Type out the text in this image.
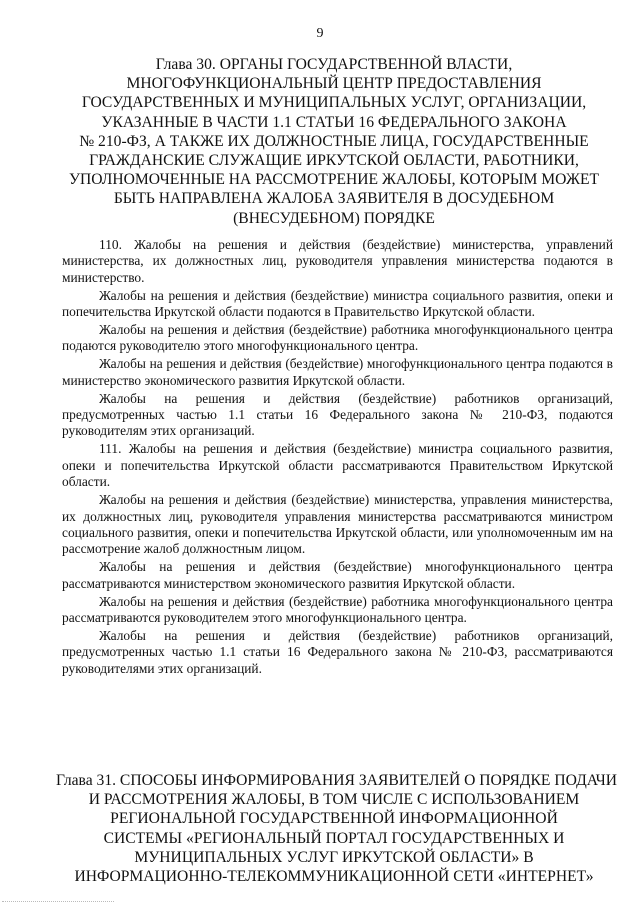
9
Глава 30. ОРГАНЫ ГОСУДАРСТВЕННОЙ ВЛАСТИ,
МНОГОФУНКЦИОНАЛЬНЫЙ ЦЕНТР ПРЕДОСТАВЛЕНИЯ
ГОСУДАРСТВЕННЫХ И МУНИЦИПАЛЬНЫХ УСЛУГ, ОРГАНИЗАЦИИ,
УКАЗАННЫЕ В ЧАСТИ 1.1 СТАТЬИ 16 ФЕДЕРАЛЬНОГО ЗАКОНА
№ 210-ФЗ, А ТАКЖЕ ИХ ДОЛЖНОСТНЫЕ ЛИЦА, ГОСУДАРСТВЕННЫЕ
ГРАЖДАНСКИЕ СЛУЖАЩИЕ ИРКУТСКОЙ ОБЛАСТИ, РАБОТНИКИ,
УПОЛНОМОЧЕННЫЕ НА РАССМОТРЕНИЕ ЖАЛОБЫ, КОТОРЫМ МОЖЕТ
БЫТЬ НАПРАВЛЕНА ЖАЛОБА ЗАЯВИТЕЛЯ В ДОСУДЕБНОМ
(ВНЕСУДЕБНОМ) ПОРЯДКЕ

110. Жалобы на решения и действия (бездействие) министерства, управлений министерства, их должностных лиц, руководителя управления министерства подаются в министерство.

Жалобы на решения и действия (бездействие) министра социального развития, опеки и попечительства Иркутской области подаются в Правительство Иркутской области.

Жалобы на решения и действия (бездействие) работника многофункционального центра подаются руководителю этого многофункционального центра.

Жалобы на решения и действия (бездействие) многофункционального центра подаются в министерство экономического развития Иркутской области.

Жалобы на решения и действия (бездействие) работников организаций, предусмотренных частью 1.1 статьи 16 Федерального закона № 210-ФЗ, подаются руководителям этих организаций.

111. Жалобы на решения и действия (бездействие) министра социального развития, опеки и попечительства Иркутской области рассматриваются Правительством Иркутской области.

Жалобы на решения и действия (бездействие) министерства, управления министерства, их должностных лиц, руководителя управления министерства рассматриваются министром социального развития, опеки и попечительства Иркутской области, или уполномоченным им на рассмотрение жалоб должностным лицом.

Жалобы на решения и действия (бездействие) многофункционального центра рассматриваются министерством экономического развития Иркутской области.

Жалобы на решения и действия (бездействие) работника многофункционального центра рассматриваются руководителем этого многофункционального центра.

Жалобы на решения и действия (бездействие) работников организаций, предусмотренных частью 1.1 статьи 16 Федерального закона № 210-ФЗ, рассматриваются руководителями этих организаций.

Глава 31. СПОСОБЫ ИНФОРМИРОВАНИЯ ЗАЯВИТЕЛЕЙ О ПОРЯДКЕ ПОДАЧИ
И РАССМОТРЕНИЯ ЖАЛОБЫ, В ТОМ ЧИСЛЕ С ИСПОЛЬЗОВАНИЕМ
РЕГИОНАЛЬНОЙ ГОСУДАРСТВЕННОЙ ИНФОРМАЦИОННОЙ
СИСТЕМЫ «РЕГИОНАЛЬНЫЙ ПОРТАЛ ГОСУДАРСТВЕННЫХ И
МУНИЦИПАЛЬНЫХ УСЛУГ ИРКУТСКОЙ ОБЛАСТИ» В
ИНФОРМАЦИОННО-ТЕЛЕКОММУНИКАЦИОННОЙ СЕТИ «ИНТЕРНЕТ»
